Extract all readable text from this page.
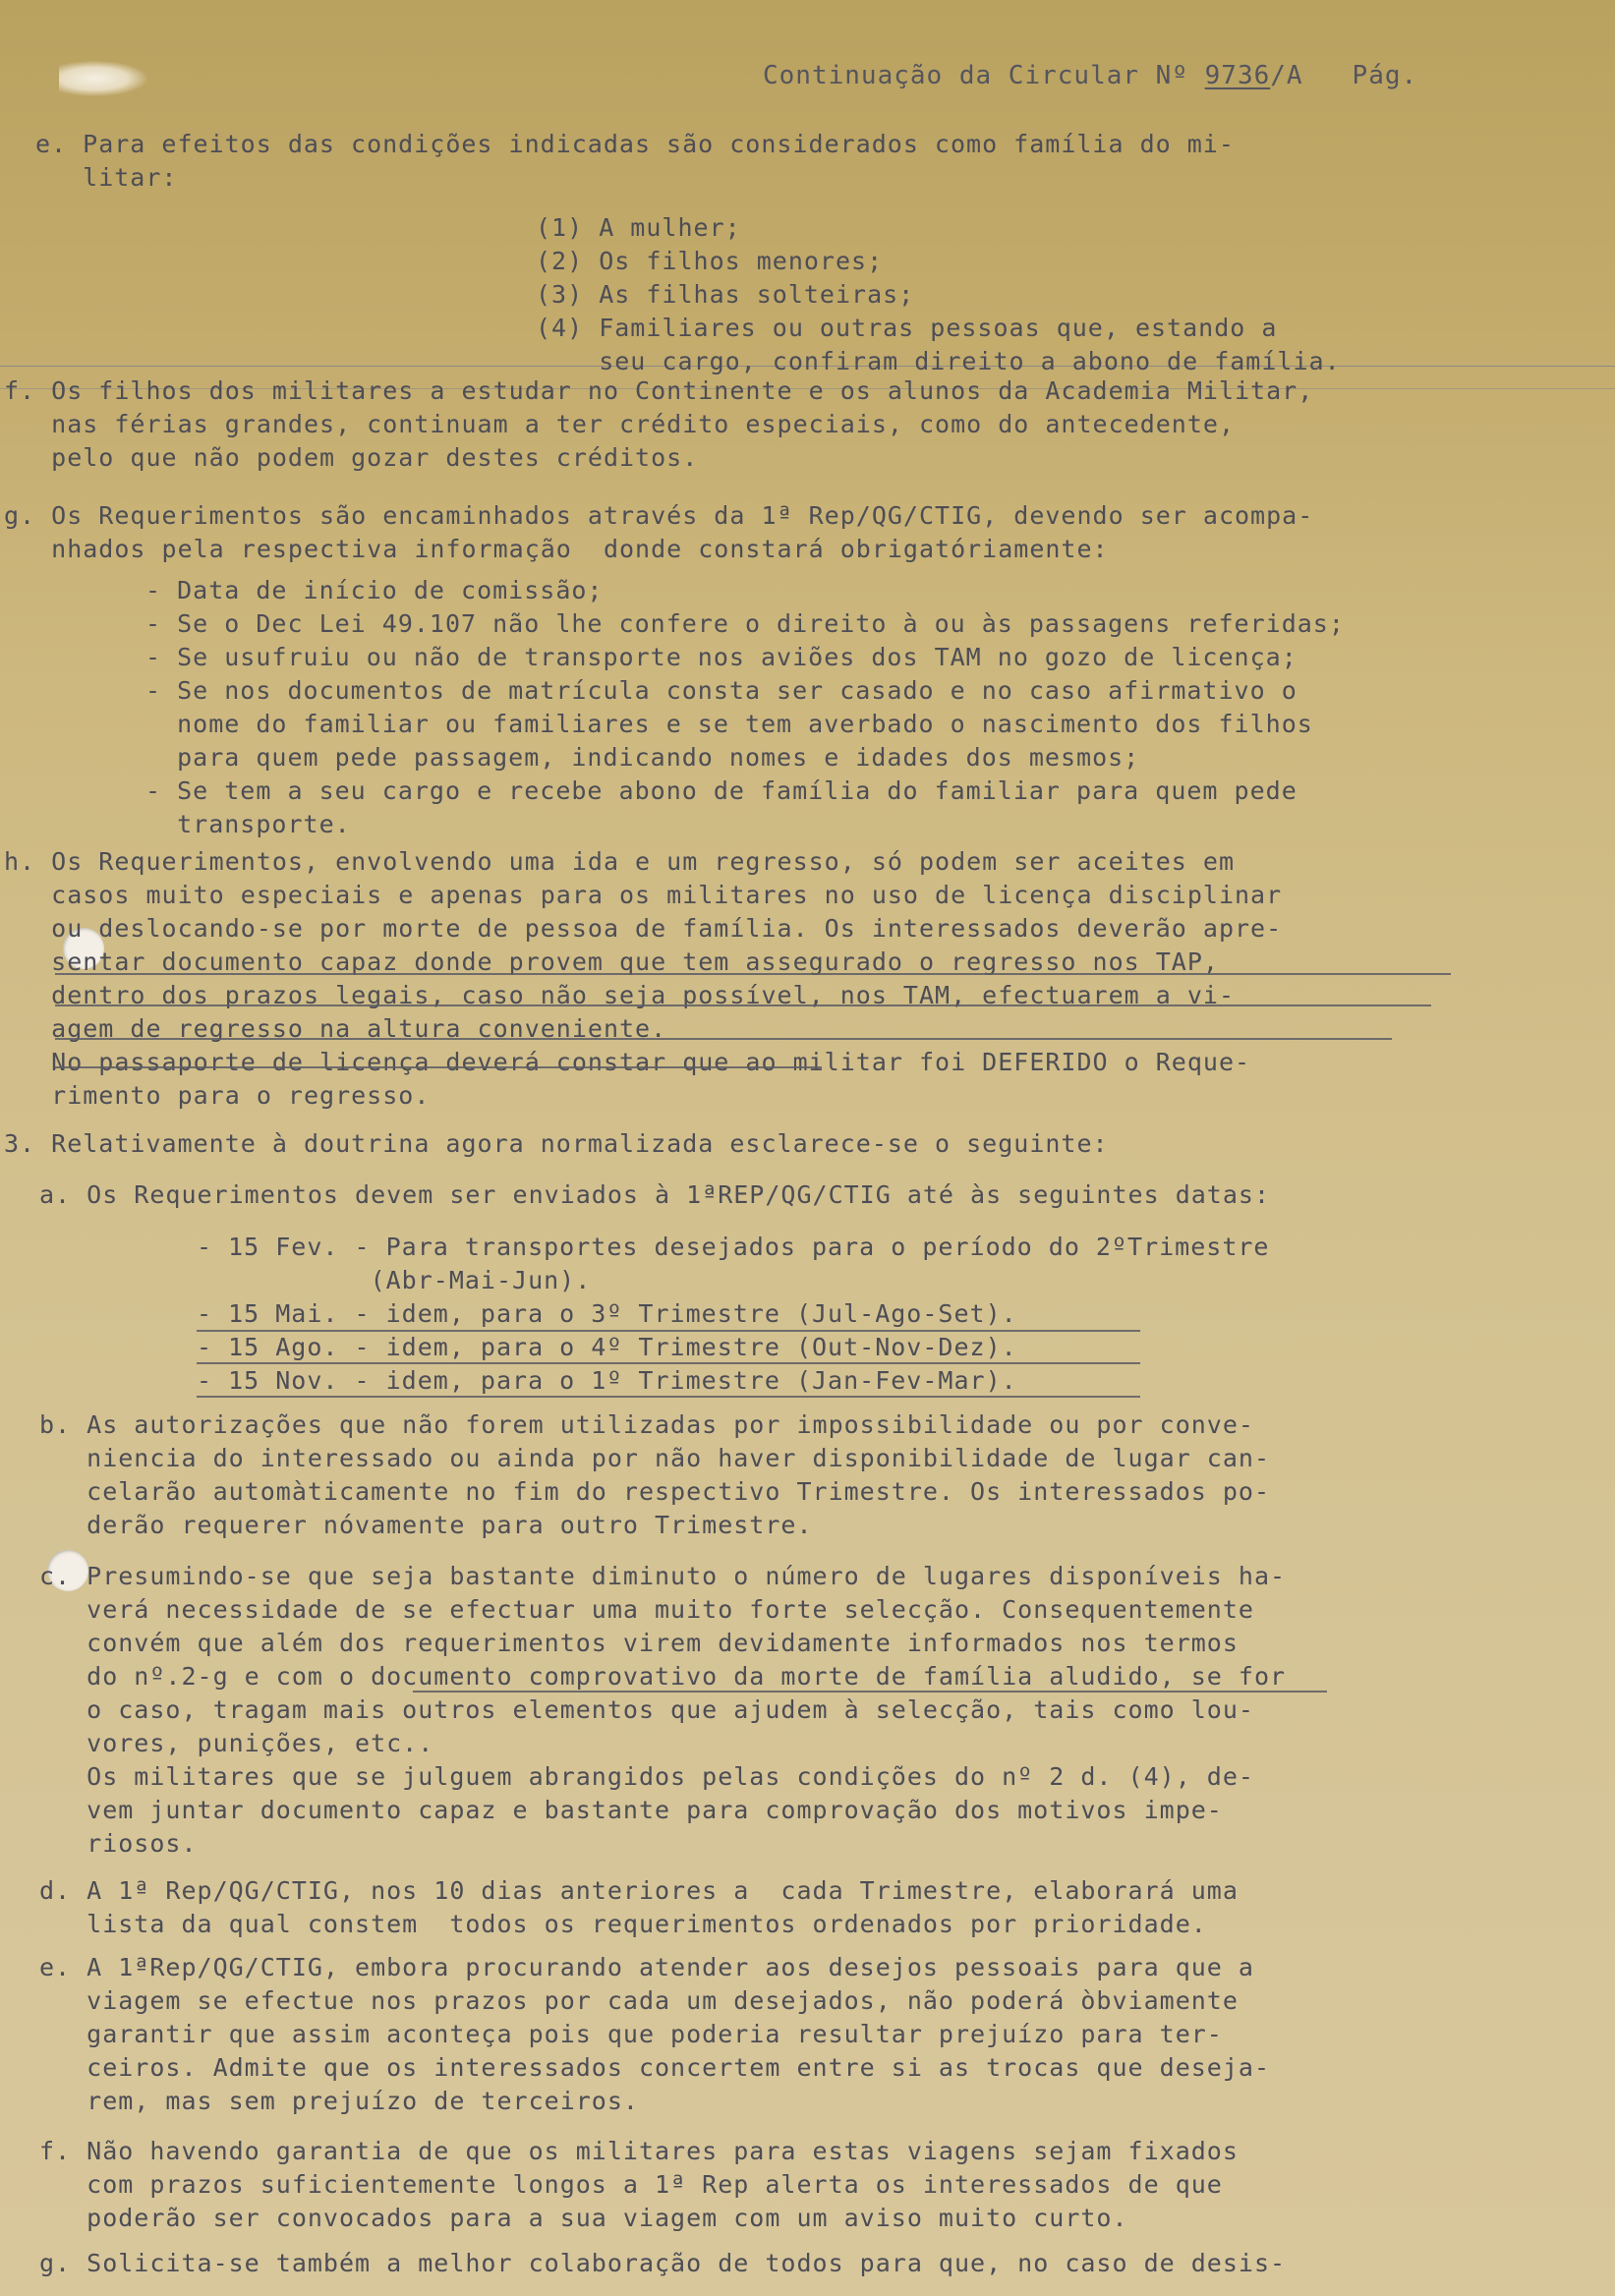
Continuação da Circular Nº 9736/A   Pág.
e. Para efeitos das condições indicadas são considerados como família do mi-
litar:
(1) A mulher;
(2) Os filhos menores;
(3) As filhas solteiras;
(4) Familiares ou outras pessoas que, estando a
seu cargo, confiram direito a abono de família.
f. Os filhos dos militares a estudar no Continente e os alunos da Academia Militar,
nas férias grandes, continuam a ter crédito especiais, como do antecedente,
pelo que não podem gozar destes créditos.
g. Os Requerimentos são encaminhados através da 1ª Rep/QG/CTIG, devendo ser acompa-
nhados pela respectiva informação  donde constará obrigatóriamente:
- Data de início de comissão;
- Se o Dec Lei 49.107 não lhe confere o direito à ou às passagens referidas;
- Se usufruiu ou não de transporte nos aviões dos TAM no gozo de licença;
- Se nos documentos de matrícula consta ser casado e no caso afirmativo o
nome do familiar ou familiares e se tem averbado o nascimento dos filhos
para quem pede passagem, indicando nomes e idades dos mesmos;
- Se tem a seu cargo e recebe abono de família do familiar para quem pede
transporte.
h. Os Requerimentos, envolvendo uma ida e um regresso, só podem ser aceites em
casos muito especiais e apenas para os militares no uso de licença disciplinar
ou deslocando-se por morte de pessoa de família. Os interessados deverão apre-
sentar documento capaz donde provem que tem assegurado o regresso nos TAP,
dentro dos prazos legais, caso não seja possível, nos TAM, efectuarem a vi-
agem de regresso na altura conveniente.
No passaporte de licença deverá constar que ao militar foi DEFERIDO o Reque-
rimento para o regresso.
3. Relativamente à doutrina agora normalizada esclarece-se o seguinte:
a. Os Requerimentos devem ser enviados à 1ªREP/QG/CTIG até às seguintes datas:
- 15 Fev. - Para transportes desejados para o período do 2ºTrimestre
(Abr-Mai-Jun).
- 15 Mai. - idem, para o 3º Trimestre (Jul-Ago-Set).
- 15 Ago. - idem, para o 4º Trimestre (Out-Nov-Dez).
- 15 Nov. - idem, para o 1º Trimestre (Jan-Fev-Mar).
b. As autorizações que não forem utilizadas por impossibilidade ou por conve-
niencia do interessado ou ainda por não haver disponibilidade de lugar can-
celarão automàticamente no fim do respectivo Trimestre. Os interessados po-
derão requerer nóvamente para outro Trimestre.
c. Presumindo-se que seja bastante diminuto o número de lugares disponíveis ha-
verá necessidade de se efectuar uma muito forte selecção. Consequentemente
convém que além dos requerimentos virem devidamente informados nos termos
do nº.2-g e com o documento comprovativo da morte de família aludido, se for
o caso, tragam mais outros elementos que ajudem à selecção, tais como lou-
vores, punições, etc..
Os militares que se julguem abrangidos pelas condições do nº 2 d. (4), de-
vem juntar documento capaz e bastante para comprovação dos motivos impe-
riosos.
d. A 1ª Rep/QG/CTIG, nos 10 dias anteriores a  cada Trimestre, elaborará uma
lista da qual constem  todos os requerimentos ordenados por prioridade.
e. A 1ªRep/QG/CTIG, embora procurando atender aos desejos pessoais para que a
viagem se efectue nos prazos por cada um desejados, não poderá òbviamente
garantir que assim aconteça pois que poderia resultar prejuízo para ter-
ceiros. Admite que os interessados concertem entre si as trocas que deseja-
rem, mas sem prejuízo de terceiros.
f. Não havendo garantia de que os militares para estas viagens sejam fixados
com prazos suficientemente longos a 1ª Rep alerta os interessados de que
poderão ser convocados para a sua viagem com um aviso muito curto.
g. Solicita-se também a melhor colaboração de todos para que, no caso de desis-
